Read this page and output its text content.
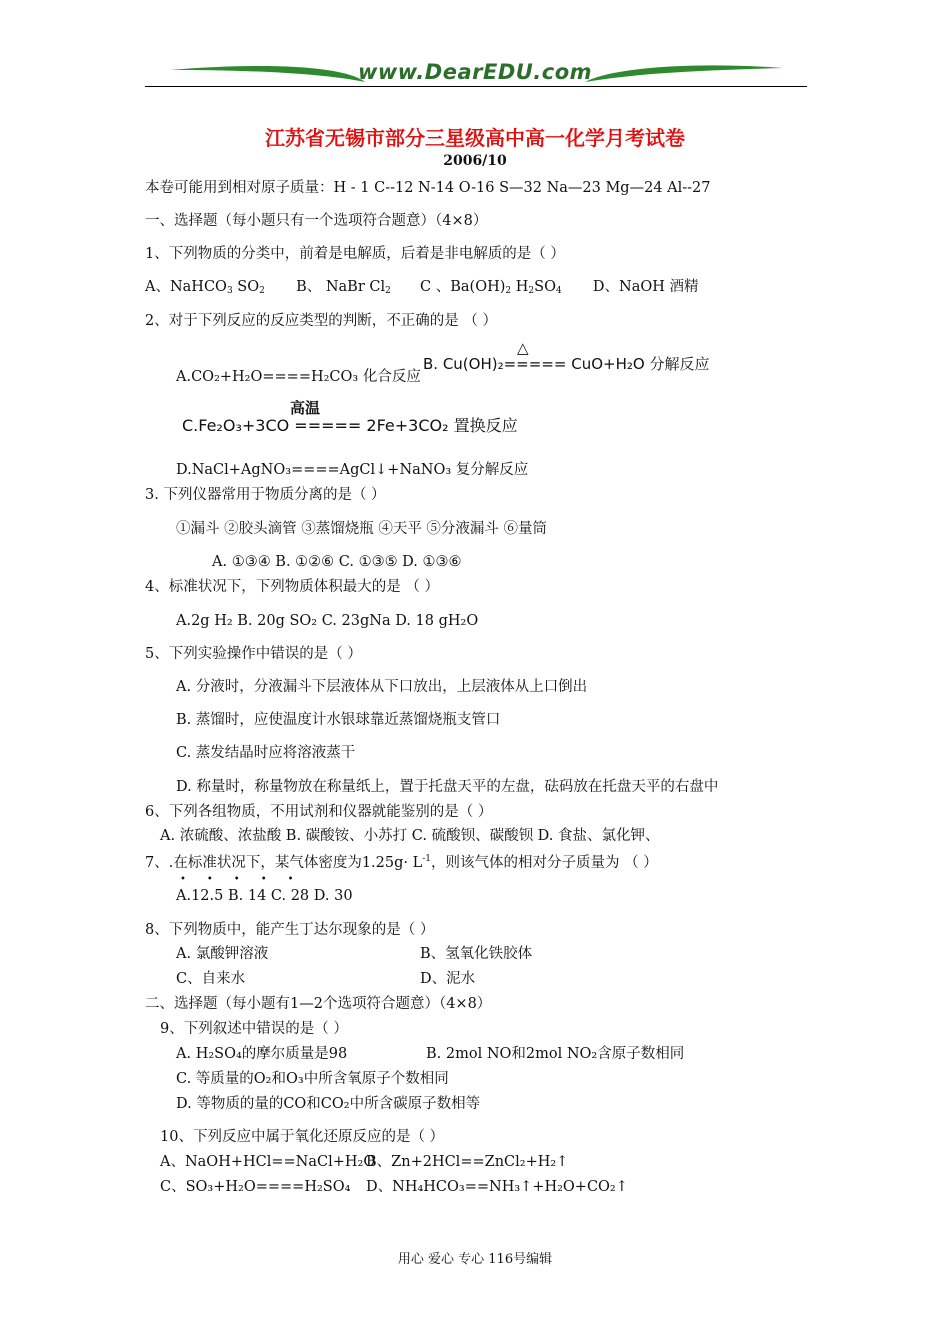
www.DearEDU.com
江苏省无锡市部分三星级高中高一化学月考试卷
2006/10
本卷可能用到相对原子质量：H - 1 C--12 N-14 O-16 S—32 Na—23 Mg—24 Al--27
一、选择题（每小题只有一个选项符合题意）（4×8）
1、下列物质的分类中，前着是电解质，后着是非电解质的是（ ）
A、NaHCO$_3$ $SO_2$ B、 NaBr $Cl_2$ C 、$Ba(OH)_2$ $H_2SO_4$ D、NaOH 酒精
2、对于下列反应的反应类型的判断，不正确的是 （ ）
A.CO₂+H₂O====H₂CO₃ 化合反应
△
B. Cu(OH)₂===== CuO+H₂O 分解反应
高温
C.Fe₂O₃+3CO ===== 2Fe+3CO₂ 置换反应
D.NaCl+AgNO₃====AgCl↓+NaNO₃ 复分解反应
3. 下列仪器常用于物质分离的是（ ）
①漏斗 ②胶头滴管 ③蒸馏烧瓶 ④天平 ⑤分液漏斗 ⑥量筒
A. ①③④ B. ①②⑥ C. ①③⑤ D. ①③⑥
4、标准状况下，下列物质体积最大的是 （ ）
A.2g H₂ B. 20g SO₂ C. 23gNa D. 18 gH₂O
5、下列实验操作中错误的是（ ）
A. 分液时，分液漏斗下层液体从下口放出，上层液体从上口倒出
B. 蒸馏时，应使温度计水银球靠近蒸馏烧瓶支管口
C. 蒸发结晶时应将溶液蒸干
D. 称量时，称量物放在称量纸上，置于托盘天平的左盘，砝码放在托盘天平的右盘中
6、下列各组物质，不用试剂和仪器就能鉴别的是（ ）
A. 浓硫酸、浓盐酸 B. 碳酸铵、小苏打 C. 硫酸钡、碳酸钡 D. 食盐、氯化钾、
7、.在标准状况下，某气体密度为$1.25g\cdot L^{-1}$，则该气体的相对分子质量为 （ ）
•••••
A.12.5 B. 14 C. 28 D. 30
8、下列物质中，能产生丁达尔现象的是（ ）
A. 氯酸钾溶液	B、氢氧化铁胶体
C、自来水	D、泥水
二、选择题（每小题有1—2个选项符合题意）（4×8）
9、下列叙述中错误的是（ ）
A. H₂SO₄的摩尔质量是98	B. 2mol NO和2mol NO₂含原子数相同
C. 等质量的O₂和O₃中所含氧原子个数相同
D. 等物质的量的CO和CO₂中所含碳原子数相等
10、下列反应中属于氧化还原反应的是（ ）
A、NaOH+HCl==NaCl+H₂O
B、Zn+2HCl==ZnCl₂+H₂↑
C、SO₃+H₂O====H₂SO₄ D、NH₄HCO₃==NH₃↑+H₂O+CO₂↑
用心 爱心 专心 116号编辑
